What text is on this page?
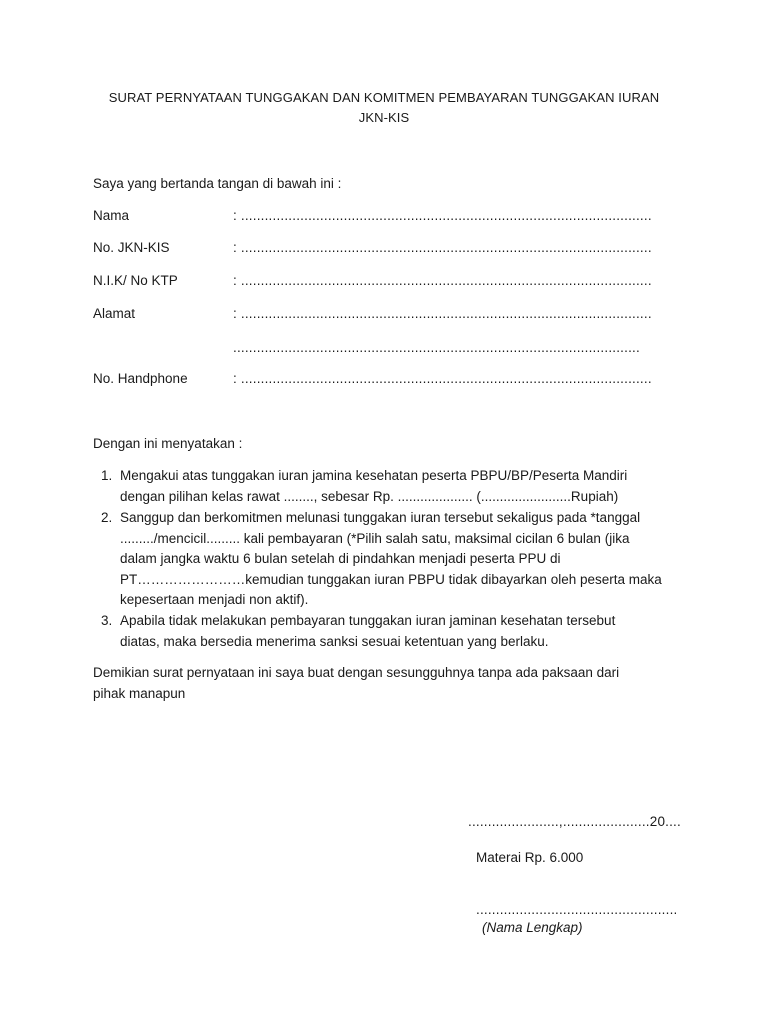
SURAT PERNYATAAN TUNGGAKAN DAN KOMITMEN PEMBAYARAN TUNGGAKAN IURAN
JKN-KIS
Saya yang bertanda tangan di bawah ini :
Nama	: ........................................................................................................
No. JKN-KIS	: ........................................................................................................
N.I.K/ No KTP	: ........................................................................................................
Alamat	: ........................................................................................................
.......................................................................................................
No. Handphone	: ........................................................................................................
Dengan ini menyatakan :
1. Mengakui atas tunggakan iuran jamina kesehatan peserta PBPU/BP/Peserta Mandiri
dengan pilihan kelas rawat ........, sebesar Rp. .................... (........................Rupiah)
2. Sanggup dan berkomitmen melunasi tunggakan iuran tersebut sekaligus pada *tanggal
........./mencicil......... kali pembayaran (*Pilih salah satu, maksimal cicilan 6 bulan (jika
dalam jangka waktu 6 bulan setelah di pindahkan menjadi peserta PPU di
PT……………………kemudian tunggakan iuran PBPU tidak dibayarkan oleh peserta maka
kepesertaan menjadi non aktif).
3. Apabila tidak melakukan pembayaran tunggakan iuran jaminan kesehatan tersebut
diatas, maka bersedia menerima sanksi sesuai ketentuan yang berlaku.
Demikian surat pernyataan ini saya buat dengan sesungguhnya tanpa ada paksaan dari
pihak manapun
.......................,......................20....
Materai Rp. 6.000
...................................................
(Nama Lengkap)
